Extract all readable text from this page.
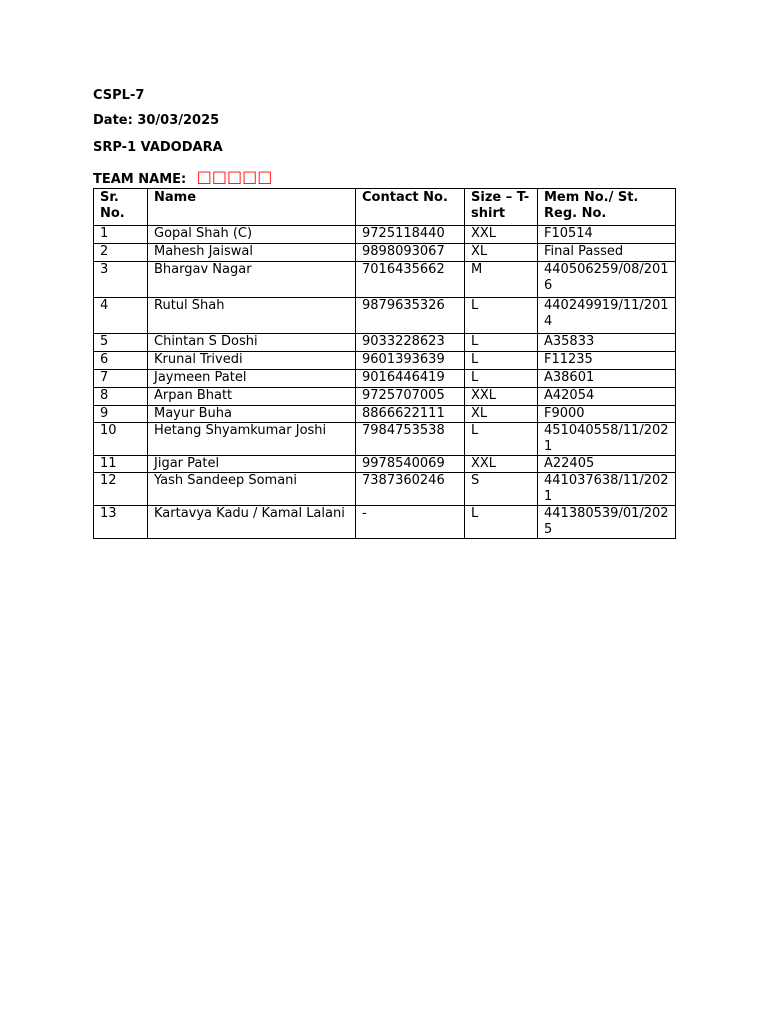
CSPL-7
Date: 30/03/2025
SRP-1 VADODARA
TEAM NAME: □□□□□
Sr. No.	Name	Contact No.	Size – T-shirt	Mem No./ St. Reg. No.
1	Gopal Shah (C)	9725118440	XXL	F10514
2	Mahesh Jaiswal	9898093067	XL	Final Passed
3	Bhargav Nagar	7016435662	M	440506259/08/2016
4	Rutul Shah	9879635326	L	440249919/11/2014
5	Chintan S Doshi	9033228623	L	A35833
6	Krunal Trivedi	9601393639	L	F11235
7	Jaymeen Patel	9016446419	L	A38601
8	Arpan Bhatt	9725707005	XXL	A42054
9	Mayur Buha	8866622111	XL	F9000
10	Hetang Shyamkumar Joshi	7984753538	L	451040558/11/2021
11	Jigar Patel	9978540069	XXL	A22405
12	Yash Sandeep Somani	7387360246	S	441037638/11/2021
13	Kartavya Kadu / Kamal Lalani	-	L	441380539/01/2025
